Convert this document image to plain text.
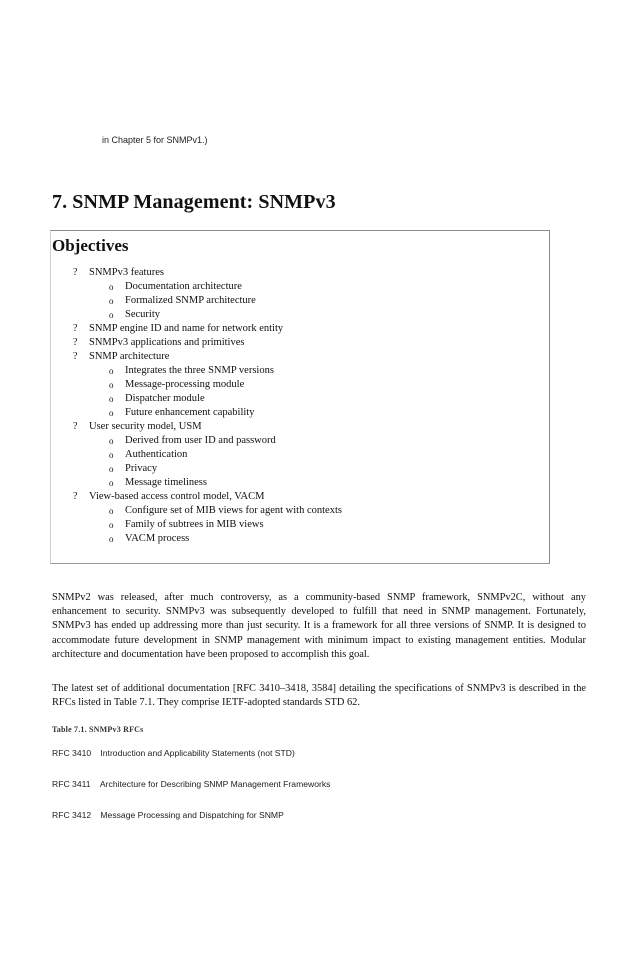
in Chapter 5 for SNMPv1.)
7. SNMP Management: SNMPv3
Objectives
? SNMPv3 features
o Documentation architecture
o Formalized SNMP architecture
o Security
? SNMP engine ID and name for network entity
? SNMPv3 applications and primitives
? SNMP architecture
o Integrates the three SNMP versions
o Message-processing module
o Dispatcher module
o Future enhancement capability
? User security model, USM
o Derived from user ID and password
o Authentication
o Privacy
o Message timeliness
? View-based access control model, VACM
o Configure set of MIB views for agent with contexts
o Family of subtrees in MIB views
o VACM process

SNMPv2 was released, after much controversy, as a community-based SNMP framework, SNMPv2C, without any enhancement to security. SNMPv3 was subsequently developed to fulfill that need in SNMP management. Fortunately, SNMPv3 has ended up addressing more than just security. It is a framework for all three versions of SNMP. It is designed to accommodate future development in SNMP management with minimum impact to existing management entities. Modular architecture and documentation have been proposed to accomplish this goal.

The latest set of additional documentation [RFC 3410–3418, 3584] detailing the specifications of SNMPv3 is described in the RFCs listed in Table 7.1. They comprise IETF-adopted standards STD 62.

Table 7.1. SNMPv3 RFCs
RFC 3410 Introduction and Applicability Statements (not STD)
RFC 3411 Architecture for Describing SNMP Management Frameworks
RFC 3412 Message Processing and Dispatching for SNMP
